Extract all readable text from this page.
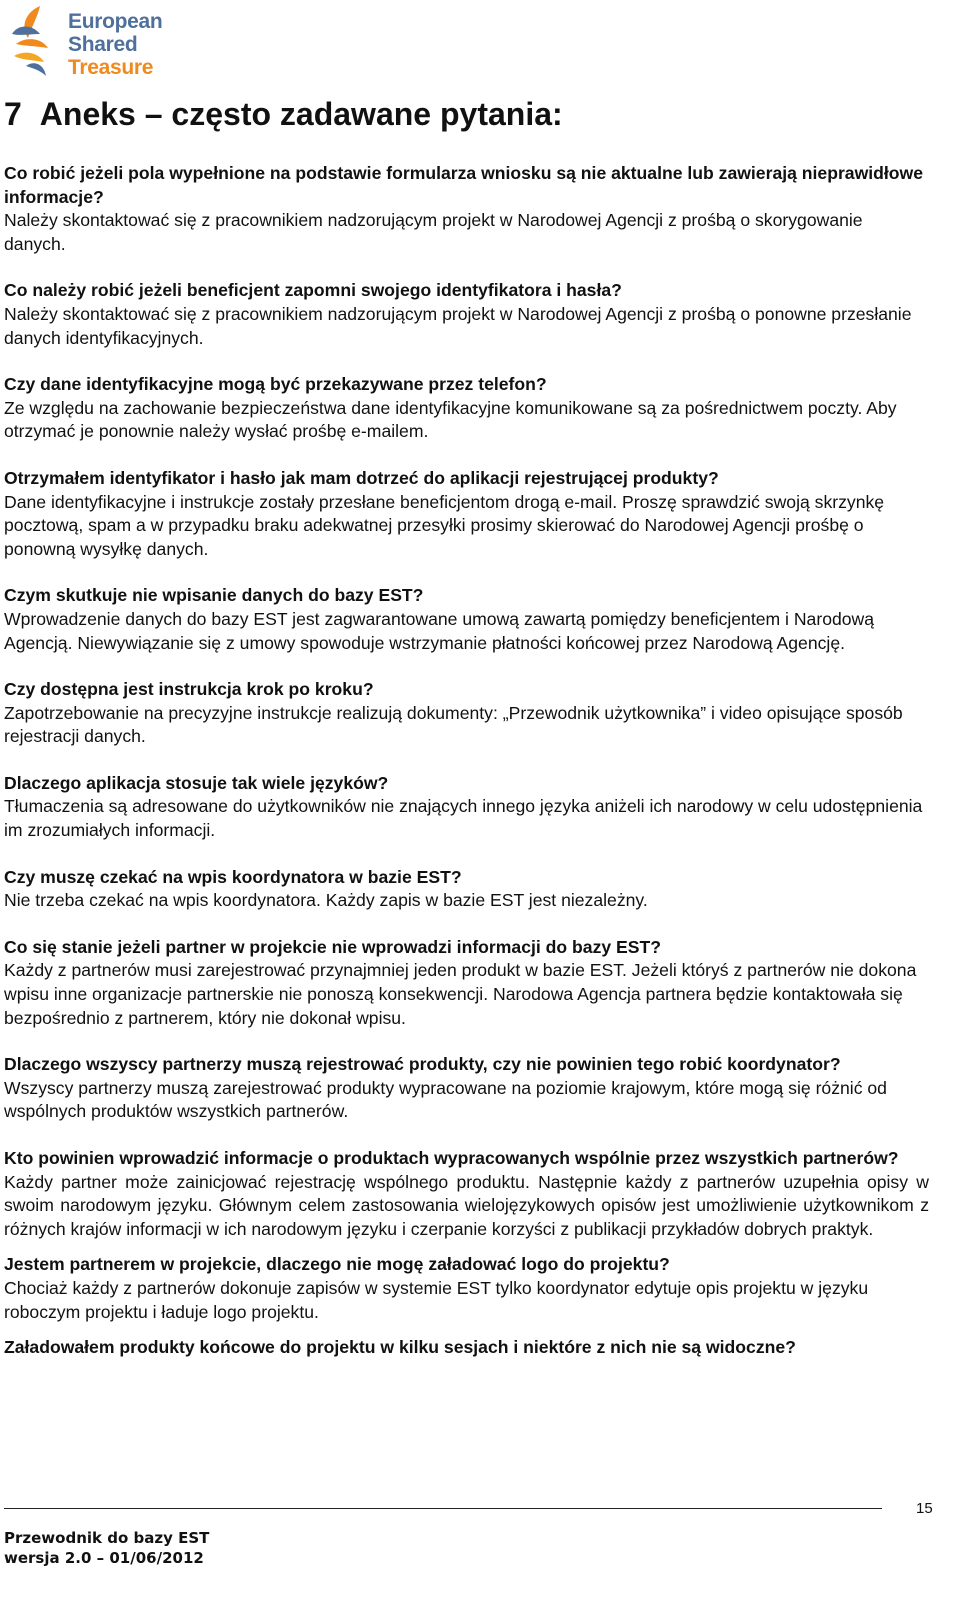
European
Shared
Treasure
7 Aneks – często zadawane pytania:
Co robić jeżeli pola wypełnione na podstawie formularza wniosku są nie aktualne lub zawierają nieprawidłowe informacje?
Należy skontaktować się z pracownikiem nadzorującym projekt w Narodowej Agencji z prośbą o skorygowanie danych.
Co należy robić jeżeli beneficjent zapomni swojego identyfikatora i hasła?
Należy skontaktować się z pracownikiem nadzorującym projekt w Narodowej Agencji z prośbą o ponowne przesłanie danych identyfikacyjnych.
Czy dane identyfikacyjne mogą być przekazywane przez telefon?
Ze względu na zachowanie bezpieczeństwa dane identyfikacyjne komunikowane są za pośrednictwem poczty. Aby otrzymać je ponownie należy wysłać prośbę e-mailem.
Otrzymałem identyfikator i hasło jak mam dotrzeć do aplikacji rejestrującej produkty?
Dane identyfikacyjne i instrukcje zostały przesłane beneficjentom drogą e-mail. Proszę sprawdzić swoją skrzynkę pocztową, spam a w przypadku braku adekwatnej przesyłki prosimy skierować do Narodowej Agencji prośbę o ponowną wysyłkę danych.
Czym skutkuje nie wpisanie danych do bazy EST?
Wprowadzenie danych do bazy EST jest zagwarantowane umową zawartą pomiędzy beneficjentem i Narodową Agencją. Niewywiązanie się z umowy spowoduje wstrzymanie płatności końcowej przez Narodową Agencję.
Czy dostępna jest instrukcja krok po kroku?
Zapotrzebowanie na precyzyjne instrukcje realizują dokumenty: „Przewodnik użytkownika” i video opisujące sposób rejestracji danych.
Dlaczego aplikacja stosuje tak wiele języków?
Tłumaczenia są adresowane do użytkowników nie znających innego języka aniżeli ich narodowy w celu udostępnienia im zrozumiałych informacji.
Czy muszę czekać na wpis koordynatora w bazie EST?
Nie trzeba czekać na wpis koordynatora. Każdy zapis w bazie EST jest niezależny.
Co się stanie jeżeli partner w projekcie nie wprowadzi informacji do bazy EST?
Każdy z partnerów musi zarejestrować przynajmniej jeden produkt w bazie EST. Jeżeli któryś z partnerów nie dokona wpisu inne organizacje partnerskie nie ponoszą konsekwencji. Narodowa Agencja partnera będzie kontaktowała się bezpośrednio z partnerem, który nie dokonał wpisu.
Dlaczego wszyscy partnerzy muszą rejestrować produkty, czy nie powinien tego robić koordynator?
Wszyscy partnerzy muszą zarejestrować produkty wypracowane na poziomie krajowym, które mogą się różnić od wspólnych produktów wszystkich partnerów.
Kto powinien wprowadzić informacje o produktach wypracowanych wspólnie przez wszystkich partnerów?
Każdy partner może zainicjować rejestrację wspólnego produktu. Następnie każdy z partnerów uzupełnia opisy w swoim narodowym języku. Głównym celem zastosowania wielojęzykowych opisów jest umożliwienie użytkownikom z różnych krajów informacji w ich narodowym języku i czerpanie korzyści z publikacji przykładów dobrych praktyk.
Jestem partnerem w projekcie, dlaczego nie mogę załadować logo do projektu?
Chociaż każdy z partnerów dokonuje zapisów w systemie EST tylko koordynator edytuje opis projektu w języku roboczym projektu i ładuje logo projektu.
Załadowałem produkty końcowe do projektu w kilku sesjach i niektóre z nich nie są widoczne?
15
Przewodnik do bazy EST
wersja 2.0 – 01/06/2012
